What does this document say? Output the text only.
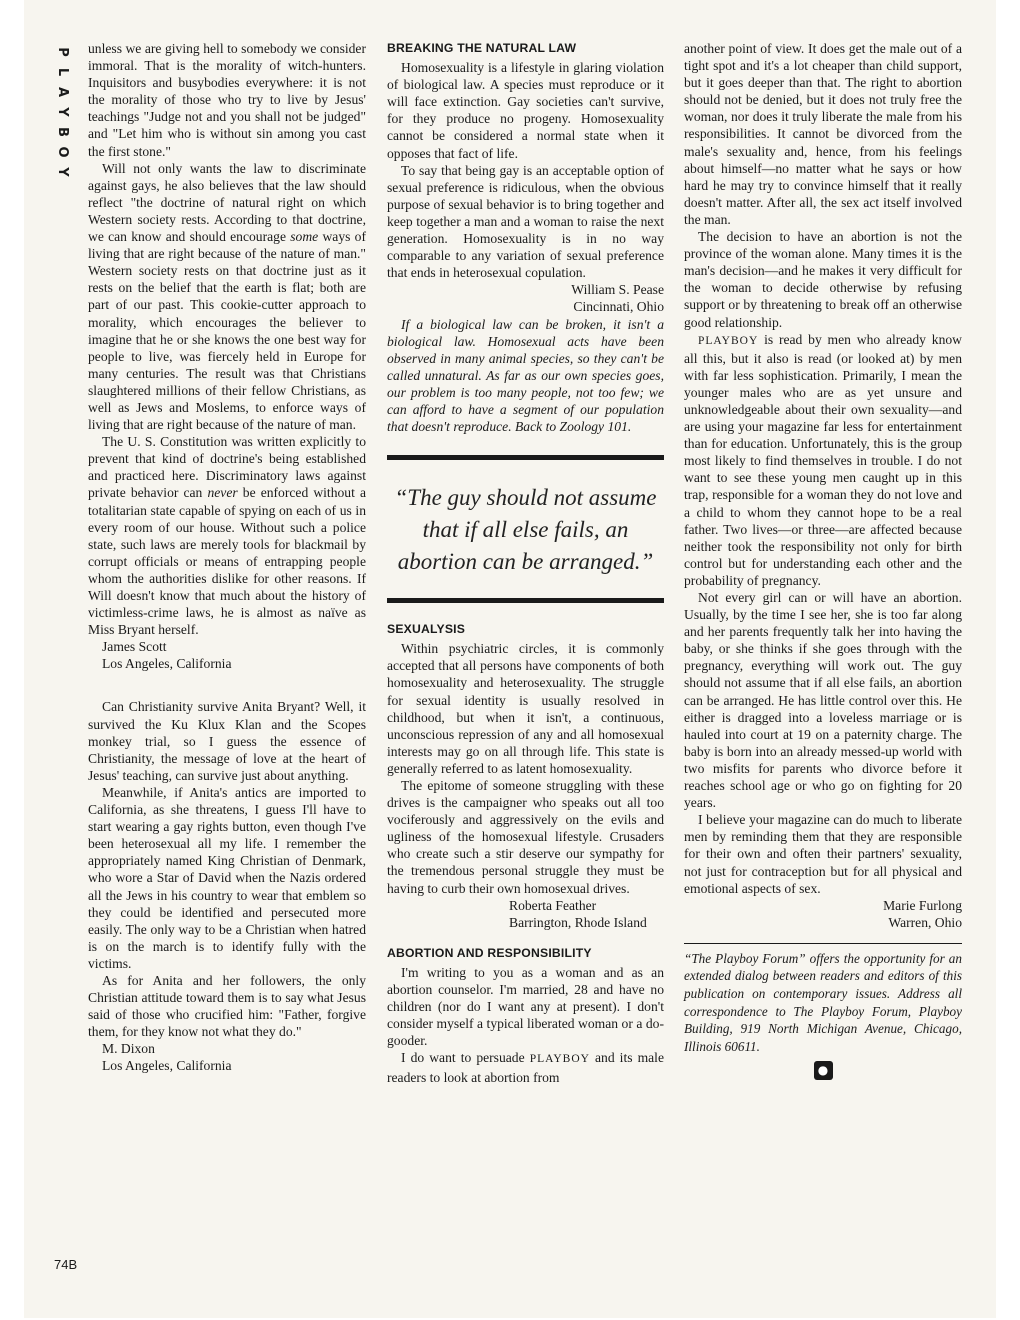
P
L
A
Y
B
O
Y
74B

unless we are giving hell to somebody we consider immoral. That is the morality of witch-hunters. Inquisitors and busybodies everywhere: it is not the morality of those who try to live by Jesus' teachings "Judge not and you shall not be judged" and "Let him who is without sin among you cast the first stone."

Will not only wants the law to discriminate against gays, he also believes that the law should reflect "the doctrine of natural right on which Western society rests. According to that doctrine, we can know and should encourage some ways of living that are right because of the nature of man." Western society rests on that doctrine just as it rests on the belief that the earth is flat; both are part of our past. This cookie-cutter approach to morality, which encourages the believer to imagine that he or she knows the one best way for people to live, was fiercely held in Europe for many centuries. The result was that Christians slaughtered millions of their fellow Christians, as well as Jews and Moslems, to enforce ways of living that are right because of the nature of man.

The U. S. Constitution was written explicitly to prevent that kind of doctrine's being established and practiced here. Discriminatory laws against private behavior can never be enforced without a totalitarian state capable of spying on each of us in every room of our house. Without such a police state, such laws are merely tools for blackmail by corrupt officials or means of entrapping people whom the authorities dislike for other reasons. If Will doesn't know that much about the history of victimless-crime laws, he is almost as naïve as Miss Bryant herself.

James Scott

Los Angeles, California

Can Christianity survive Anita Bryant? Well, it survived the Ku Klux Klan and the Scopes monkey trial, so I guess the essence of Christianity, the message of love at the heart of Jesus' teaching, can survive just about anything.

Meanwhile, if Anita's antics are imported to California, as she threatens, I guess I'll have to start wearing a gay rights button, even though I've been heterosexual all my life. I remember the appropriately named King Christian of Denmark, who wore a Star of David when the Nazis ordered all the Jews in his country to wear that emblem so they could be identified and persecuted more easily. The only way to be a Christian when hatred is on the march is to identify fully with the victims.

As for Anita and her followers, the only Christian attitude toward them is to say what Jesus said of those who crucified him: "Father, forgive them, for they know not what they do."

M. Dixon

Los Angeles, California

BREAKING THE NATURAL LAW

Homosexuality is a lifestyle in glaring violation of biological law. A species must reproduce or it will face extinction. Gay societies can't survive, for they produce no progeny. Homosexuality cannot be considered a normal state when it opposes that fact of life.

To say that being gay is an acceptable option of sexual preference is ridiculous, when the obvious purpose of sexual behavior is to bring together and keep together a man and a woman to raise the next generation. Homosexuality is in no way comparable to any variation of sexual preference that ends in heterosexual copulation.

William S. Pease

Cincinnati, Ohio

If a biological law can be broken, it isn't a biological law. Homosexual acts have been observed in many animal species, so they can't be called unnatural. As far as our own species goes, our problem is too many people, not too few; we can afford to have a segment of our population that doesn't reproduce. Back to Zoology 101.

“The guy should not assume that if all else fails, an abortion can be arranged.”
SEXUALYSIS

Within psychiatric circles, it is commonly accepted that all persons have components of both homosexuality and heterosexuality. The struggle for sexual identity is usually resolved in childhood, but when it isn't, a continuous, unconscious repression of any and all homosexual interests may go on all through life. This state is generally referred to as latent homosexuality.

The epitome of someone struggling with these drives is the campaigner who speaks out all too vociferously and aggressively on the evils and ugliness of the homosexual lifestyle. Crusaders who create such a stir deserve our sympathy for the tremendous personal struggle they must be having to curb their own homosexual drives.

Roberta Feather

Barrington, Rhode Island

ABORTION AND RESPONSIBILITY

I'm writing to you as a woman and as an abortion counselor. I'm married, 28 and have no children (nor do I want any at present). I don't consider myself a typical liberated woman or a do-gooder.

I do want to persuade PLAYBOY and its male readers to look at abortion from

another point of view. It does get the male out of a tight spot and it's a lot cheaper than child support, but it goes deeper than that. The right to abortion should not be denied, but it does not truly free the woman, nor does it truly liberate the male from his responsibilities. It cannot be divorced from the male's sexuality and, hence, from his feelings about himself—no matter what he says or how hard he may try to convince himself that it really doesn't matter. After all, the sex act itself involved the man.

The decision to have an abortion is not the province of the woman alone. Many times it is the man's decision—and he makes it very difficult for the woman to decide otherwise by refusing support or by threatening to break off an otherwise good relationship.

PLAYBOY is read by men who already know all this, but it also is read (or looked at) by men with far less sophistication. Primarily, I mean the younger males who are as yet unsure and unknowledgeable about their own sexuality—and are using your magazine far less for entertainment than for education. Unfortunately, this is the group most likely to find themselves in trouble. I do not want to see these young men caught up in this trap, responsible for a woman they do not love and a child to whom they cannot hope to be a real father. Two lives—or three—are affected because neither took the responsibility not only for birth control but for understanding each other and the probability of pregnancy.

Not every girl can or will have an abortion. Usually, by the time I see her, she is too far along and her parents frequently talk her into having the baby, or she thinks if she goes through with the pregnancy, everything will work out. The guy should not assume that if all else fails, an abortion can be arranged. He has little control over this. He either is dragged into a loveless marriage or is hauled into court at 19 on a paternity charge. The baby is born into an already messed-up world with two misfits for parents who divorce before it reaches school age or who go on fighting for 20 years.

I believe your magazine can do much to liberate men by reminding them that they are responsible for their own and often their partners' sexuality, not just for contraception but for all physical and emotional aspects of sex.

Marie Furlong

Warren, Ohio

“The Playboy Forum” offers the opportunity for an extended dialog between readers and editors of this publication on contemporary issues. Address all correspondence to The Playboy Forum, Playboy Building, 919 North Michigan Avenue, Chicago, Illinois 60611.
●
